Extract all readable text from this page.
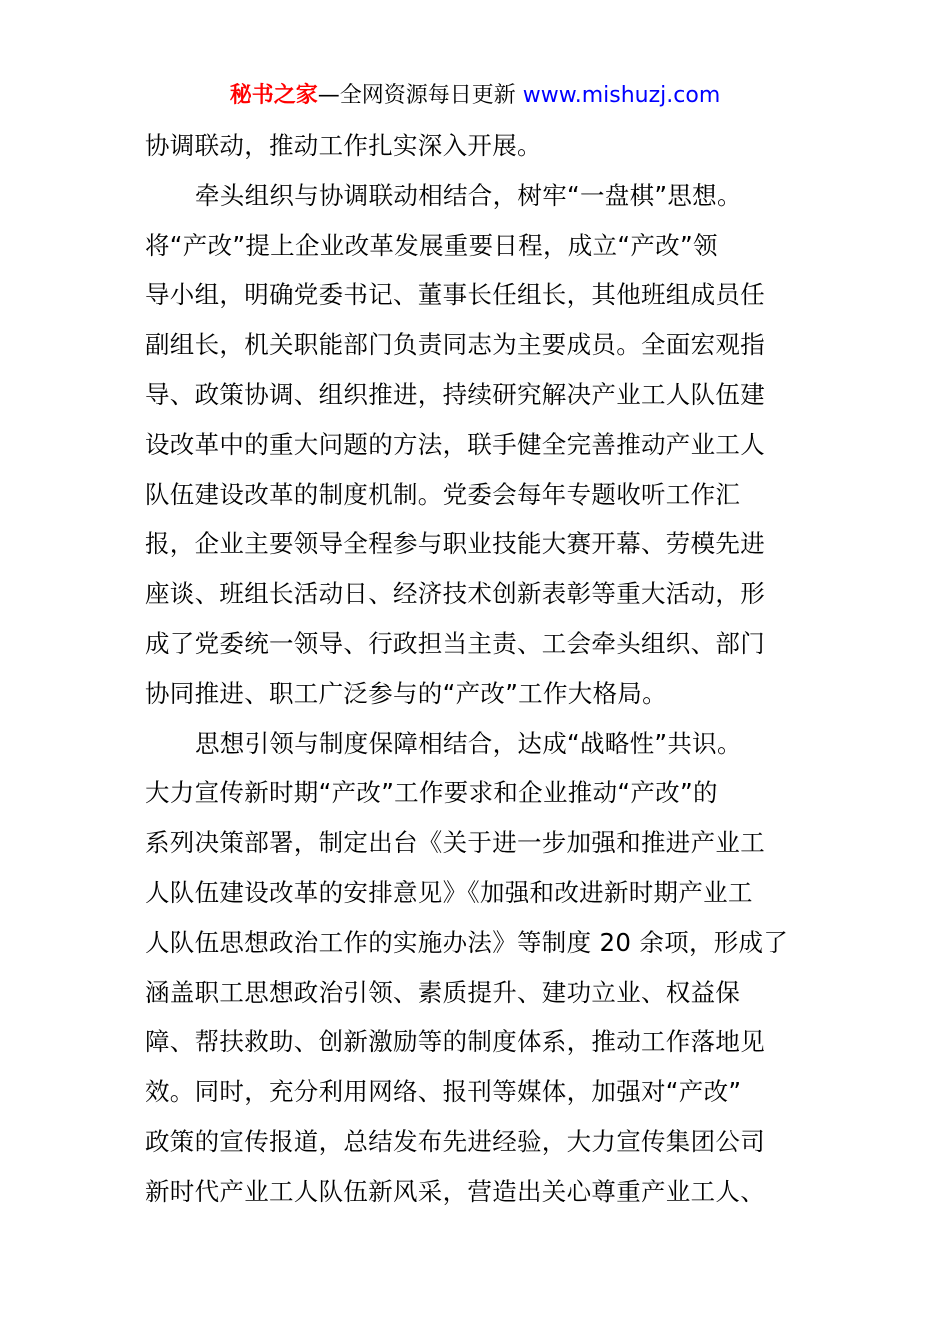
秘书之家—全网资源每日更新 www.mishuzj.com

协调联动，推动工作扎实深入开展。

牵头组织与协调联动相结合，树牢“一盘棋”思想。
将“产改”提上企业改革发展重要日程，成立“产改”领
导小组，明确党委书记、董事长任组长，其他班组成员任
副组长，机关职能部门负责同志为主要成员。全面宏观指
导、政策协调、组织推进，持续研究解决产业工人队伍建
设改革中的重大问题的方法，联手健全完善推动产业工人
队伍建设改革的制度机制。党委会每年专题收听工作汇
报，企业主要领导全程参与职业技能大赛开幕、劳模先进
座谈、班组长活动日、经济技术创新表彰等重大活动，形
成了党委统一领导、行政担当主责、工会牵头组织、部门
协同推进、职工广泛参与的“产改”工作大格局。

思想引领与制度保障相结合，达成“战略性”共识。
大力宣传新时期“产改”工作要求和企业推动“产改”的
系列决策部署，制定出台《关于进一步加强和推进产业工
人队伍建设改革的安排意见》《加强和改进新时期产业工
人队伍思想政治工作的实施办法》等制度 20 余项，形成了
涵盖职工思想政治引领、素质提升、建功立业、权益保
障、帮扶救助、创新激励等的制度体系，推动工作落地见
效。同时，充分利用网络、报刊等媒体，加强对“产改”
政策的宣传报道，总结发布先进经验，大力宣传集团公司
新时代产业工人队伍新风采，营造出关心尊重产业工人、
